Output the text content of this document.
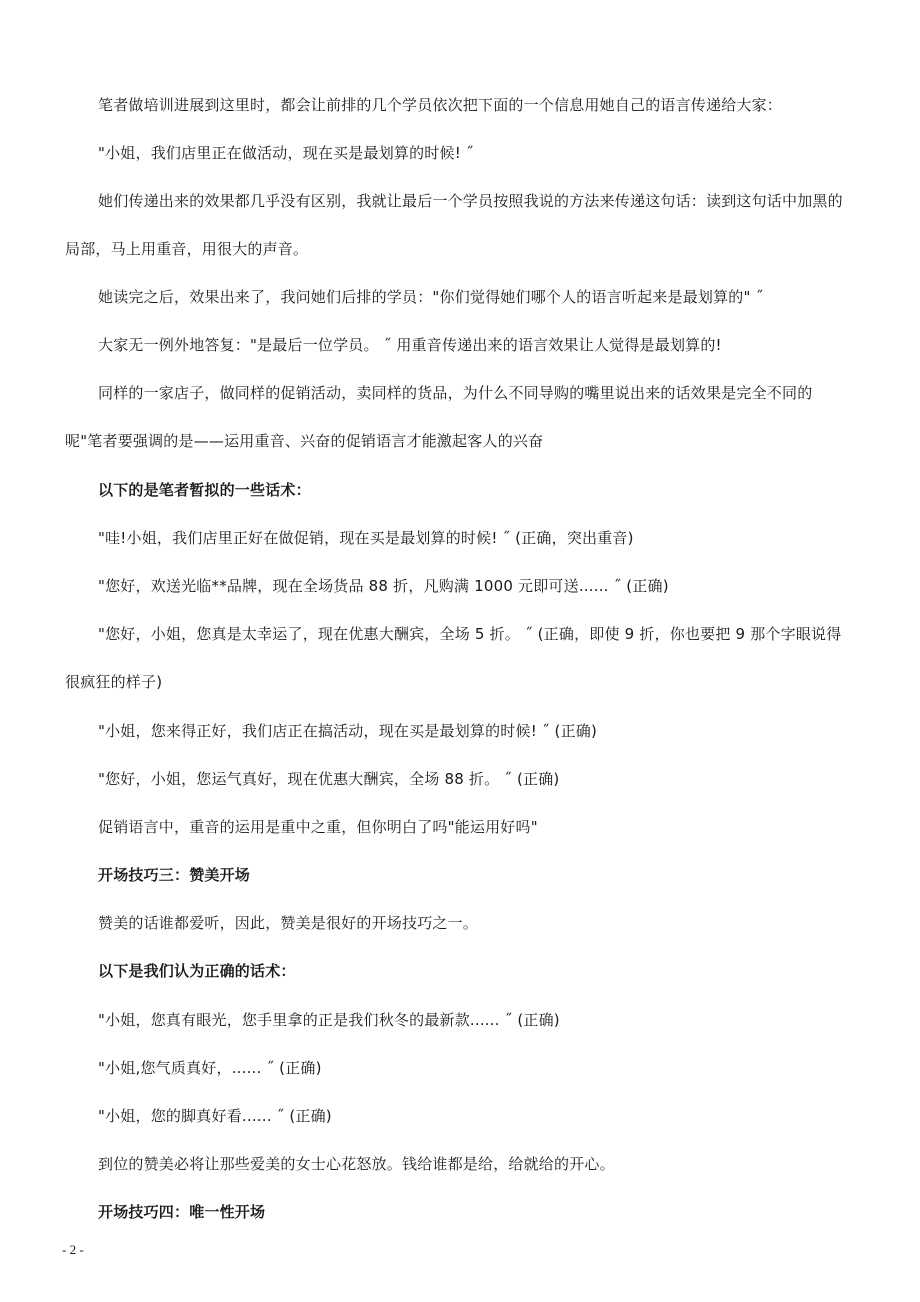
笔者做培训进展到这里时，都会让前排的几个学员依次把下面的一个信息用她自己的语言传递给大家：

"小姐，我们店里正在做活动，现在买是最划算的时候! ˝

她们传递出来的效果都几乎没有区别，我就让最后一个学员按照我说的方法来传递这句话：读到这句话中加黑的局部，马上用重音，用很大的声音。

她读完之后，效果出来了，我问她们后排的学员："你们觉得她们哪个人的语言听起来是最划算的" ˝

大家无一例外地答复："是最后一位学员。 ˝ 用重音传递出来的语言效果让人觉得是最划算的!

同样的一家店子，做同样的促销活动，卖同样的货品，为什么不同导购的嘴里说出来的话效果是完全不同的呢"笔者要强调的是——运用重音、兴奋的促销语言才能激起客人的兴奋

以下的是笔者暂拟的一些话术：

"哇!小姐，我们店里正好在做促销，现在买是最划算的时候! ˝ (正确，突出重音)

"您好，欢送光临**品牌，现在全场货品 88 折，凡购满 1000 元即可送...... ˝ (正确)

"您好，小姐，您真是太幸运了，现在优惠大酬宾，全场 5 折。 ˝ (正确，即使 9 折，你也要把 9 那个字眼说得很疯狂的样子)

"小姐，您来得正好，我们店正在搞活动，现在买是最划算的时候! ˝ (正确)

"您好，小姐，您运气真好，现在优惠大酬宾，全场 88 折。 ˝ (正确)

促销语言中，重音的运用是重中之重，但你明白了吗"能运用好吗"

开场技巧三：赞美开场

赞美的话谁都爱听，因此，赞美是很好的开场技巧之一。

以下是我们认为正确的话术：

"小姐，您真有眼光，您手里拿的正是我们秋冬的最新款...... ˝ (正确)

"小姐,您气质真好，...... ˝ (正确)

"小姐，您的脚真好看...... ˝ (正确)

到位的赞美必将让那些爱美的女士心花怒放。钱给谁都是给，给就给的开心。

开场技巧四：唯一性开场

- 2 -
